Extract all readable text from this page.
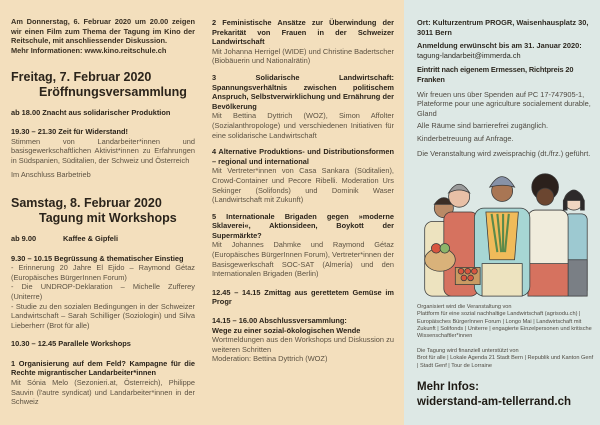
Am Donnerstag, 6. Februar 2020 um 20.00 zeigen wir einen Film zum Thema der Tagung im Kino der Reitschule, mit anschliessender Diskussion.
Mehr Informationen: www.kino.reitschule.ch
Freitag, 7. Februar 2020
Eröffnungsversammlung
ab 18.00 Znacht aus solidarischer Produktion
19.30 – 21.30 Zeit für Widerstand!
Stimmen von Landarbeiter*innen und basisgewerkschaftlichen Aktivist*innen zu Erfahrungen in Südspanien, Süditalien, der Schweiz und Österreich
Im Anschluss Barbetrieb
Samstag, 8. Februar 2020
Tagung mit Workshops
ab 9.00	Kaffee & Gipfeli
9.30 – 10.15 Begrüssung & thematischer Einstieg
- Erinnerung 20 Jahre El Ejido – Raymond Gétaz (Europäisches BürgerInnen Forum)
- Die UNDROP-Deklaration – Michelle Zufferey (Uniterre)
- Studie zu den sozialen Bedingungen in der Schweizer Landwirtschaft – Sarah Schilliger (Soziologin) und Silva Lieberherr (Brot für alle)
10.30 – 12.45 Parallele Workshops
1 Organisierung auf dem Feld? Kampagne für die Rechte migrantischer Landarbeiter*innen
Mit Sónia Melo (Sezonieri.at, Österreich), Philippe Sauvin (l'autre syndicat) und Landarbeiter*innen in der Schweiz
2 Feministische Ansätze zur Überwindung der Prekarität von Frauen in der Schweizer Landwirtschaft
Mit Johanna Herrigel (WIDE) und Christine Badertscher (Biobäuerin und Nationalrätin)
3 Solidarische Landwirtschaft: Spannungsverhältnis zwischen politischem Anspruch, Selbstverwirklichung und Ernährung der Bevölkerung
Mit Bettina Dyttrich (WOZ), Simon Affolter (Sozialanthropologe) und verschiedenen Initiativen für eine solidarische Landwirtschaft
4 Alternative Produktions- und Distributionsformen – regional und international
Mit Vertreter*innen von Casa Sankara (Süditalien), Crowd-Container und Pecore Ribelli. Moderation Urs Sekinger (Solifonds) und Dominik Waser (Landwirtschaft mit Zukunft)
5 Internationale Brigaden gegen »moderne Sklaverei«, Aktionsideen, Boykott der Supermärkte?
Mit Johannes Dahmke und Raymond Gétaz (Europäisches BürgerInnen Forum), Vertreter*innen der Basisgewerkschaft SOC-SAT (Almería) und den Internationalen Brigaden (Berlin)
12.45 – 14.15 Zmittag aus gerettetem Gemüse im Progr
14.15 – 16.00 Abschlussversammlung: Wege zu einer sozial-ökologischen Wende
Wortmeldungen aus den Workshops und Diskussion zu weiteren Schritten
Moderation: Bettina Dyttrich (WOZ)
Ort: Kulturzentrum PROGR, Waisenhausplatz 30, 3011 Bern
Anmeldung erwünscht bis am 31. Januar 2020:
tagung-landarbeit@immerda.ch
Eintritt nach eigenem Ermessen, Richtpreis 20 Franken
Wir freuen uns über Spenden auf PC 17-747905-1, Plateforme pour une agriculture socialement durable, Gland
Alle Räume sind barrierefrei zugänglich.
Kinderbetreuung auf Anfrage.
Die Veranstaltung wird zweisprachig (dt./frz.) geführt.
Organisiert wird die Veranstaltung von
Plattform für eine sozial nachhaltige Landwirtschaft (agrisodu.ch) | Europäisches BürgerInnen Forum | Longo Mai | Landwirtschaft mit Zukunft | Solifonds | Uniterre | engagierte Einzelpersonen und kritische Wissenschaftler*innen
Die Tagung wird finanziell unterstützt von
Brot für alle | Lokale Agenda 21 Stadt Bern | Republik und Kanton Genf | Stadt Genf | Tour de Lorraine
Mehr Infos:
widerstand-am-tellerrand.ch
